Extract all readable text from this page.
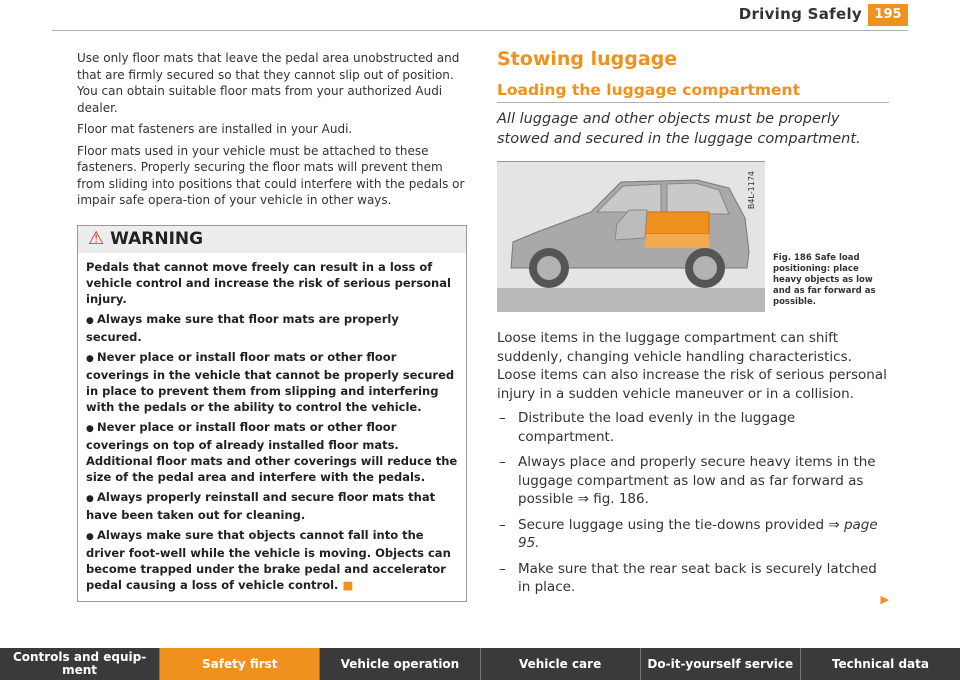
Driving Safely 195

Use only floor mats that leave the pedal area unobstructed and that are firmly secured so that they cannot slip out of position. You can obtain suitable floor mats from your authorized Audi dealer.

Floor mat fasteners are installed in your Audi.

Floor mats used in your vehicle must be attached to these fasteners. Properly securing the floor mats will prevent them from sliding into positions that could interfere with the pedals or impair safe opera-tion of your vehicle in other ways.

⚠ WARNING

Pedals that cannot move freely can result in a loss of vehicle control and increase the risk of serious personal injury.

● Always make sure that floor mats are properly secured.

● Never place or install floor mats or other floor coverings in the vehicle that cannot be properly secured in place to prevent them from slipping and interfering with the pedals or the ability to control the vehicle.

● Never place or install floor mats or other floor coverings on top of already installed floor mats. Additional floor mats and other coverings will reduce the size of the pedal area and interfere with the pedals.

● Always properly reinstall and secure floor mats that have been taken out for cleaning.

● Always make sure that objects cannot fall into the driver foot-well while the vehicle is moving. Objects can become trapped under the brake pedal and accelerator pedal causing a loss of vehicle control. ■

Stowing luggage
Loading the luggage compartment

All luggage and other objects must be properly stowed and secured in the luggage compartment.

B4L-1174
Fig. 186 Safe load positioning: place heavy objects as low and as far forward as possible.

Loose items in the luggage compartment can shift suddenly, changing vehicle handling characteristics. Loose items can also increase the risk of serious personal injury in a sudden vehicle maneuver or in a collision.

– Distribute the load evenly in the luggage compartment.
– Always place and properly secure heavy items in the luggage compartment as low and as far forward as possible ⇒ fig. 186.
– Secure luggage using the tie-downs provided ⇒ page 95.
– Make sure that the rear seat back is securely latched in place.
▶
Controls and equip-ment	Safety first	Vehicle operation	Vehicle care	Do-it-yourself service	Technical data
